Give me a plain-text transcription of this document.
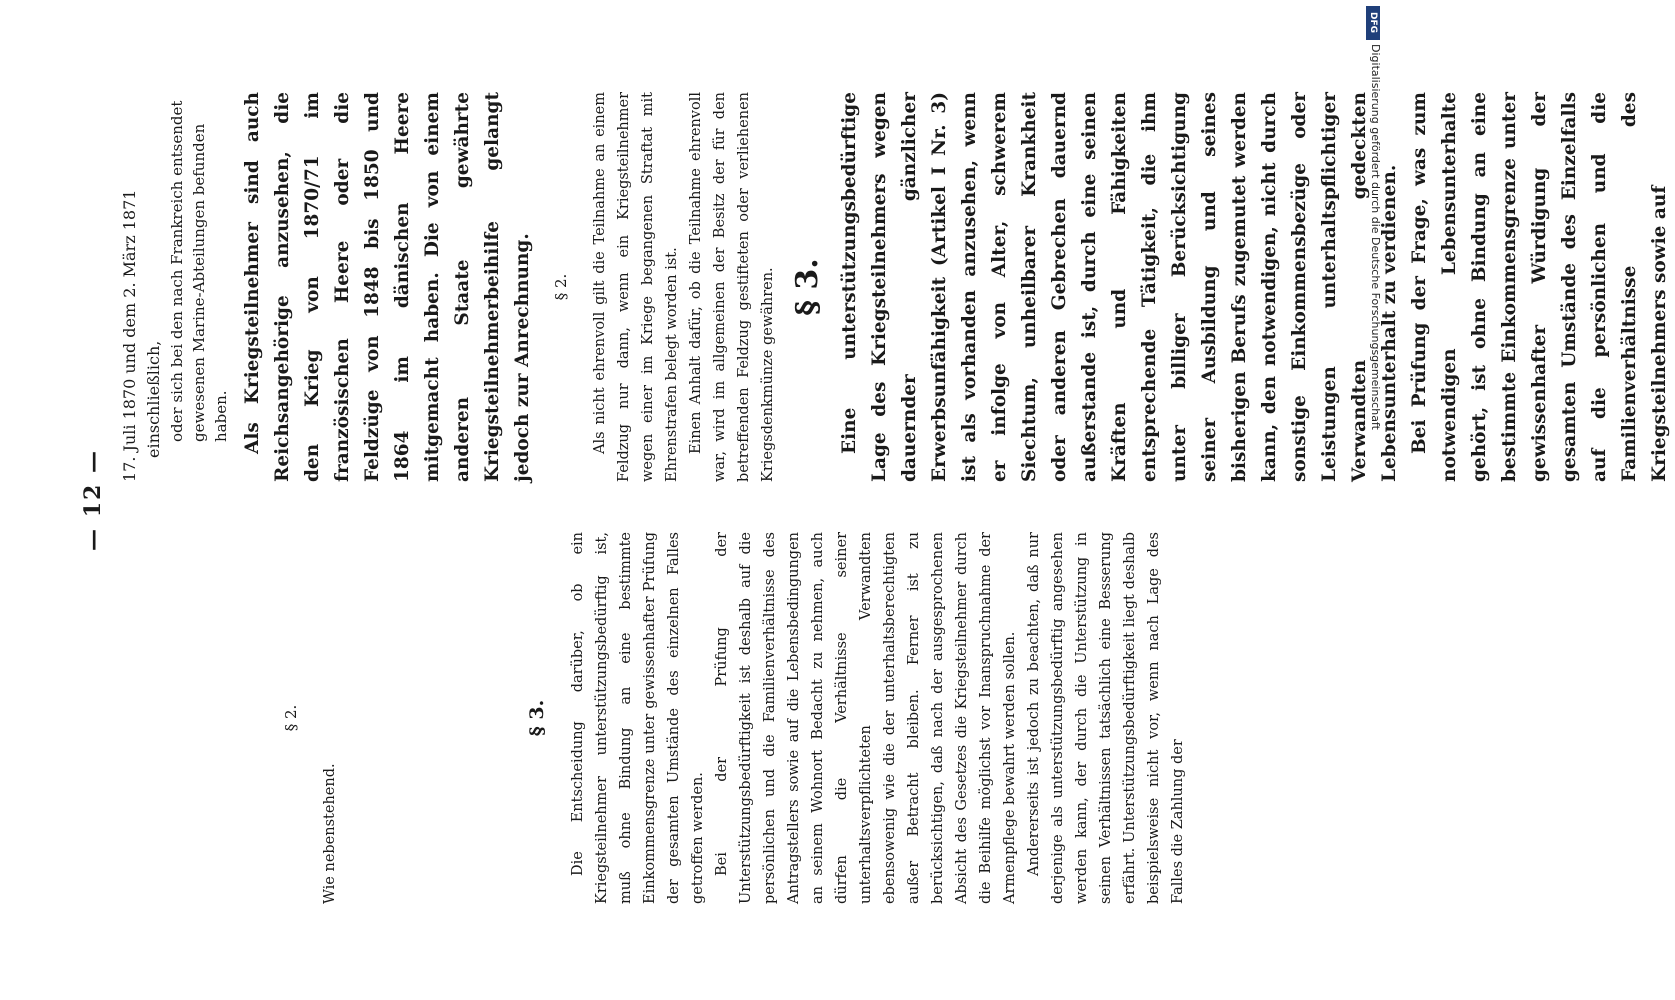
— 12 —
§ 2.

Wie nebenstehend.

§ 3. Die Entscheidung darüber, ob ein Kriegsteilnehmer unterstützungsbedürftig ist, muß ohne Bindung an eine bestimmte Einkommensgrenze unter gewissenhafter Prüfung der gesamten Umstände des einzelnen Falles getroffen werden. Bei der Prüfung der Unterstützungsbedürftigkeit ist deshalb auf die persönlichen und die Familienverhältnisse des Antragstellers sowie auf die Lebensbedingungen an seinem Wohnort Bedacht zu nehmen, auch dürfen die Verhältnisse seiner unterhaltsverpflichteten Verwandten ebensowenig wie die der unterhaltsberechtigten außer Betracht bleiben. Ferner ist zu berücksichtigen, daß nach der ausgesprochenen Absicht des Gesetzes die Kriegsteilnehmer durch die Beihilfe möglichst vor Inanspruchnahme der Armenpflege bewahrt werden sollen. Andererseits ist jedoch zu beachten, daß nur derjenige als unterstützungsbedürftig angesehen werden kann, der durch die Unterstützung in seinen Verhältnissen tatsächlich eine Besserung erfährt. Unterstützungsbedürftigkeit liegt deshalb beispielsweise nicht vor, wenn nach Lage des Falles die Zahlung der

17. Juli 1870 und dem 2. März 1871 einschließlich, oder sich bei den nach Frankreich entsendet gewesenen Marine-Abteilungen befunden haben. Als Kriegsteilnehmer sind auch Reichsangehörige anzusehen, die den Krieg von 1870/71 im französischen Heere oder die Feldzüge von 1848 bis 1850 und 1864 im dänischen Heere mitgemacht haben. Die von einem anderen Staate gewährte Kriegsteilnehmerbeihilfe gelangt jedoch zur Anrechnung.	§ 2. Als nicht ehrenvoll gilt die Teilnahme an einem Feldzug nur dann, wenn ein Kriegsteilnehmer wegen einer im Kriege begangenen Straftat mit Ehrenstrafen belegt worden ist. Einen Anhalt dafür, ob die Teilnahme ehrenvoll war, wird im allgemeinen der Besitz der für den betreffenden Feldzug gestifteten oder verliehenen Kriegsdenkmünze gewähren. § 3. Eine unterstützungsbedürftige Lage des Kriegsteilnehmers wegen dauernder gänzlicher Erwerbsunfähigkeit (Artikel I Nr. 3) ist als vorhanden anzusehen, wenn er infolge von Alter, schwerem Siechtum, unheilbarer Krankheit oder anderen Gebrechen dauernd außerstande ist, durch eine seinen Kräften und Fähigkeiten entsprechende Tätigkeit, die ihm unter billiger Berücksichtigung seiner Ausbildung und seines bisherigen Berufs zugemutet werden kann, den notwendigen, nicht durch sonstige Einkommensbezüge oder Leistungen unterhaltspflichtiger Verwandten gedeckten Lebensunterhalt zu verdienen. Bei Prüfung der Frage, was zum notwendigen Lebensunterhalte gehört, ist ohne Bindung an eine bestimmte Einkommensgrenze unter gewissenhafter Würdigung der gesamten Umstände des Einzelfalls auf die persönlichen und die Familienverhältnisse des Kriegsteilnehmers sowie auf

DFG
Digitalisierung gefördert durch die Deutsche Forschungsgemeinschaft
